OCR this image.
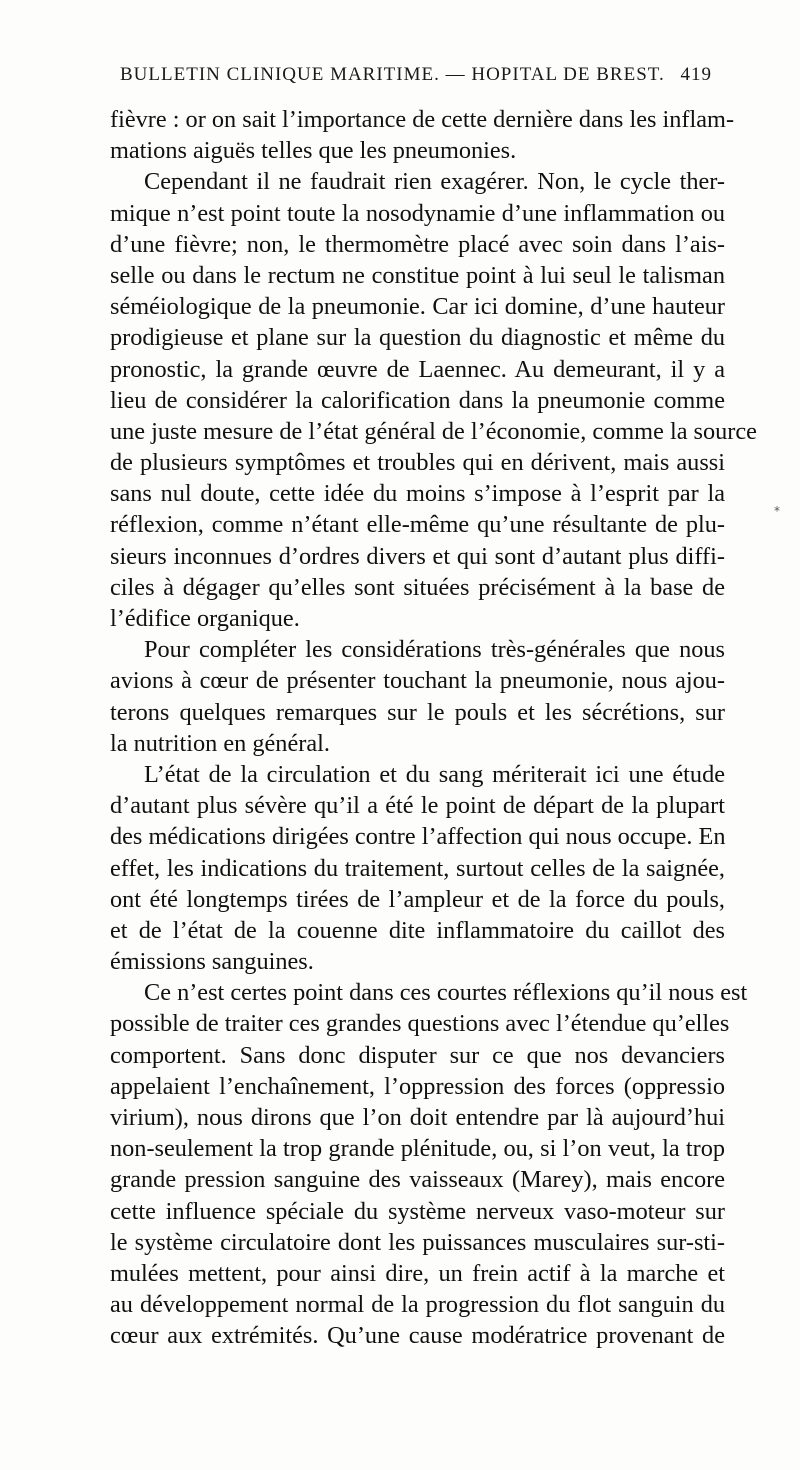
BULLETIN CLINIQUE MARITIME. — HOPITAL DE BREST. 419
fièvre : or on sait l’importance de cette dernière dans les inflam-
mations aiguës telles que les pneumonies.
Cependant il ne faudrait rien exagérer. Non, le cycle ther-
mique n’est point toute la nosodynamie d’une inflammation ou
d’une fièvre; non, le thermomètre placé avec soin dans l’ais-
selle ou dans le rectum ne constitue point à lui seul le talisman
séméiologique de la pneumonie. Car ici domine, d’une hauteur
prodigieuse et plane sur la question du diagnostic et même du
pronostic, la grande œuvre de Laennec. Au demeurant, il y a
lieu de considérer la calorification dans la pneumonie comme
une juste mesure de l’état général de l’économie, comme la source
de plusieurs symptômes et troubles qui en dérivent, mais aussi
sans nul doute, cette idée du moins s’impose à l’esprit par la
réflexion, comme n’étant elle-même qu’une résultante de plu-
sieurs inconnues d’ordres divers et qui sont d’autant plus diffi-
ciles à dégager qu’elles sont situées précisément à la base de
l’édifice organique.
Pour compléter les considérations très-générales que nous
avions à cœur de présenter touchant la pneumonie, nous ajou-
terons quelques remarques sur le pouls et les sécrétions, sur
la nutrition en général.
L’état de la circulation et du sang mériterait ici une étude
d’autant plus sévère qu’il a été le point de départ de la plupart
des médications dirigées contre l’affection qui nous occupe. En
effet, les indications du traitement, surtout celles de la saignée,
ont été longtemps tirées de l’ampleur et de la force du pouls,
et de l’état de la couenne dite inflammatoire du caillot des
émissions sanguines.
Ce n’est certes point dans ces courtes réflexions qu’il nous est
possible de traiter ces grandes questions avec l’étendue qu’elles
comportent. Sans donc disputer sur ce que nos devanciers
appelaient l’enchaînement, l’oppression des forces (oppressio
virium), nous dirons que l’on doit entendre par là aujourd’hui
non-seulement la trop grande plénitude, ou, si l’on veut, la trop
grande pression sanguine des vaisseaux (Marey), mais encore
cette influence spéciale du système nerveux vaso-moteur sur
le système circulatoire dont les puissances musculaires sur-sti-
mulées mettent, pour ainsi dire, un frein actif à la marche et
au développement normal de la progression du flot sanguin du
cœur aux extrémités. Qu’une cause modératrice provenant de
*
